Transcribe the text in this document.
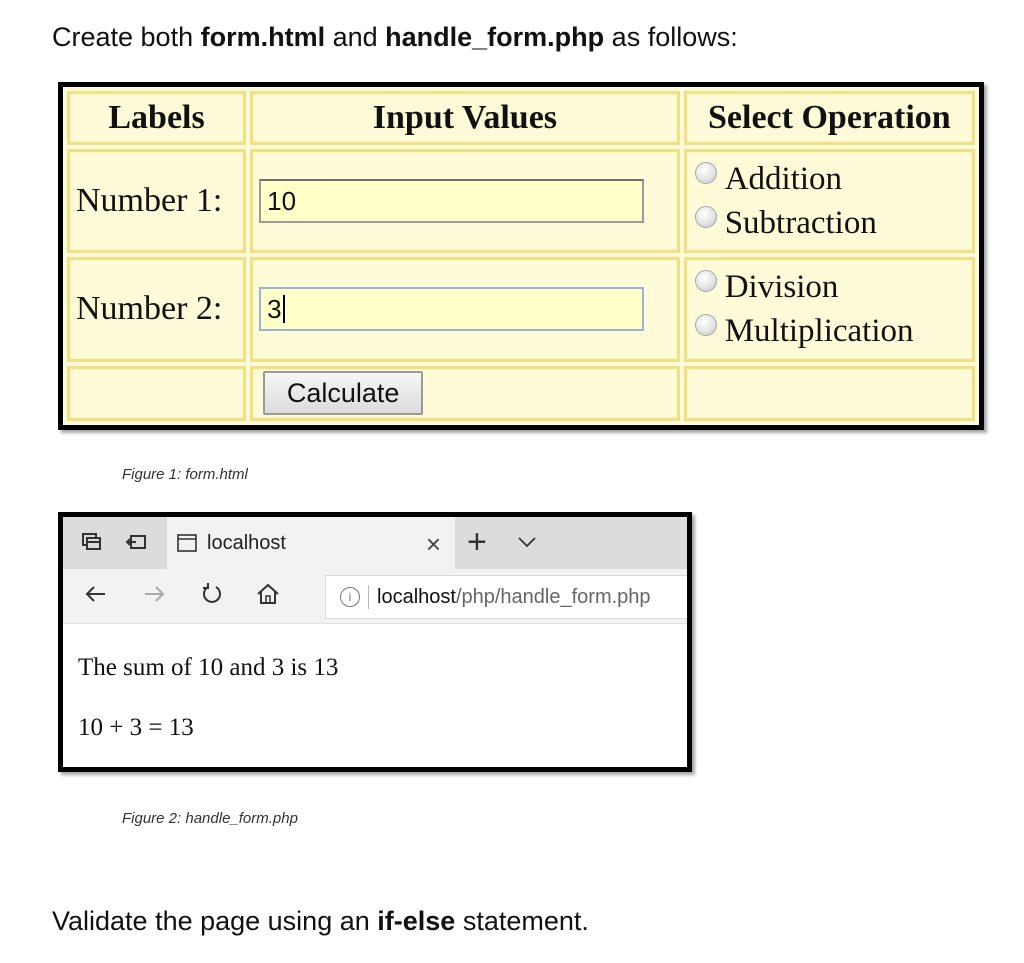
Create both form.html and handle_form.php as follows:
Labels	Input Values	Select Operation
Number 1:	10	Addition
Subtraction

Number 2:	3	Division
Multiplication

	Calculate	
Figure 1: form.html
localhost	× +
i	localhost /php/handle_form.php

The sum of 10 and 3 is 13

10 + 3 = 13

Figure 2: handle_form.php
Validate the page using an if-else statement.
